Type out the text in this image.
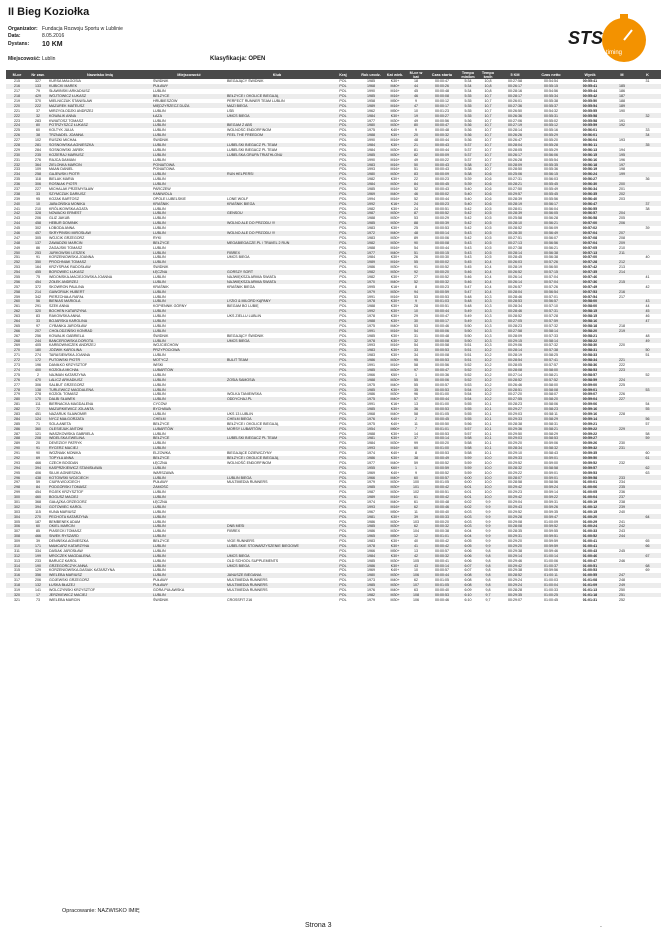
II Bieg Koziołka
Organizator: Fundacja Rozwoju Sportu w Lublinie
Data:	8.05.2016
Dystans:	10 KM
Miejscowość: Lublin	Klasyfikacja: OPEN
STS
timing
M-ce	Nr zaw.	Nazwisko Imię	Miejscowość	Klub	Kraj	Rok urodz.	Kat wiek.	M-ce w kat	Czas startu	Tempo min/km	Tempo km/h	5 KM	Czas netto	Wynik	M	K
215	327	KURSA MAŁGOSIA	ŚWIDNIK	BIEGAJĄCY ŚWIDNIK	POL	1985	K30+	18	00:00:47	5:34	10,8	00:27:58	00:54:54	00:55:41		31
216	133	KUBICKI MAREK	PUŁAWY		POL	1968	M40+	44	00:00:26	5:34	10,8	00:26:17	00:55:15	00:55:41	185	
217	79	SŁAWIŃSKI ARKADIUSZ	LUBLIN		POL	1990	M16+	45	00:00:48	5:34	10,8	00:28:16	00:54:56	00:55:44	186	
218	429	WÓJTOWICZ ŁUKASZ	BEŁŻYCE	BEŁŻYCE i OKOLICE BIEGAJĄ	POL	1985	M16+	46	00:00:08	5:35	10,7	00:28:17	00:55:34	00:55:42	187	
219	370	MIELNICZUK STANISŁAW	HRUBIESZÓW	PERFECT RUNNER TEAM LUBLIN	POL	1958	M50+	9	00:00:12	5:35	10,7	00:26:01	00:55:38	00:55:50	188	
220	222	MAZUREK MATEUSZ	MIĘDZYRZECZ DUŻA	MAZI BIEGA	POL	1989	M16+	47	00:00:17	5:35	10,7	00:27:36	00:55:37	00:55:54	189	
221	37	MIRZYGŁODZKI ANDRZEJ	LUBLIN	LSB	POL	1962	M50+	10	00:01:23	5:35	10,7	00:26:50	00:54:32	00:55:55	190	
222	32	KOWALIK ANNA	ŁAZA	UMCS BIEGA	POL	1984	K30+	19	00:00:27	5:35	10,7	00:26:36	00:55:31	00:55:58		32
223	283	KWIATOSZ TOMASZ	LUBLIN		POL	1977	M30+	49	00:00:56	5:36	10,7	00:27:06	00:55:02	00:55:58	191	
224	80	POTRZYSZCZ ŁUKASZ	LUBLIN	BIEGAM Z ABS	POL	1980	M30+	80	00:00:47	5:36	10,7	00:27:19	00:55:12	00:55:59	192	
225	60	KOLTYK JULIA	LUBLIN	WOLNOŚĆ ENDORFINOM	POL	1975	K40+	9	00:00:48	5:36	10,7	00:28:14	00:55:16	00:56:01		33
226	38	TRZNADEL JOANNA	LUBLIN	FEEL THE FREEDOM	POL	1988	K30+	20	00:00:32	5:36	10,7	00:26:26	00:55:29	00:56:01		34
227	102	RUSZKI MICHAŁ	ŚWIDNIK		POL	1990	M16+	48	00:00:44	5:36	10,7	00:26:47	00:55:20	00:56:04	193	
228	281	SOSNOWSKA AGNIESZKA	LUBLIN	LUBELSKI BIEGACZ PL TEAM	POL	1984	K30+	21	00:00:43	5:37	10,7	00:28:04	00:55:28	00:56:11		35
229	284	SOSNOWSKI JAREK	LUBLIN	LUBELSKI BIEGACZ PL TEAM	POL	1984	M30+	81	00:00:44	5:37	10,7	00:28:05	00:55:29	00:56:13	194	
230	235	KOZIERAJ MARIUSZ	LUBLIN	LUBELSKA GRUPA TRIATHLONU	POL	1985	M30+	82	00:00:09	5:37	10,7	00:26:17	00:56:06	00:56:15	195	
231	276	RAJCA DAMIAN	LUBLIN		POL	1990	M16+	49	00:00:22	5:37	10,7	00:26:28	00:55:54	00:56:16	196	
232	364	ZIELONKA MARCIN	PONIATOWA		POL	1983	M16+	50	00:00:43	5:38	10,7	00:28:09	00:55:35	00:56:18	197	
233	109	MAAN DANIEL	PONIATOWA		POL	1993	M16+	51	00:00:43	5:38	10,7	00:28:50	00:55:36	00:56:19	198	
234	258	GAJEWSKI PIOTR	LUBLIN	RUN HELPERS!	POL	1980	M30+	83	00:00:09	5:38	10,6	00:25:06	00:56:15	00:56:24	199	
235	118	BIELAK MARIA	LUBLIN		POL	1982	K30+	22	00:00:23	5:39	10,6	00:27:31	00:56:03	00:56:27		36
236	306	ROŚNIAK PIOTR	LUBLIN		POL	1984	M30+	84	00:00:45	5:39	10,6	00:28:21	00:55:45	00:56:30	200	
237	227	MICHALAK PRZEMYSŁAW	PARCZEW		POL	1985	M16+	52	00:00:43	5:40	10,6	00:27:50	00:55:49	00:56:34	201	
238	33	SZYMCZUK DARIUSZ	KANIWOLA		POL	1969	M40+	46	00:00:02	5:40	10,6	00:29:57	00:55:45	00:56:35	202	
239	95	KOZAK BARTOSZ	OPOLE LUBELSKIE	LONE WOLF	POL	1994	M16+	52	00:00:44	5:40	10,6	00:28:39	00:55:56	00:56:40	203	
240	10	JABŁOŃSKA MONIKA	KRAŚNIK	KRAŚNIK BIEGA	POL	1992	K16+	24	00:00:23	5:40	10,6	00:28:19	00:56:17	00:56:47		37
241	210	KRÓLIKOWSKA AGATA	LUBLIN		POL	1982	K30+	24	00:00:51	5:42	10,5	00:28:01	00:56:04	00:56:55		38
242	328	NOWACKI ERNEST	LUBLIN	GENSOU	POL	1987	M30+	87	00:00:52	5:42	10,5	00:28:39	00:56:05	00:56:57	204	
243	206	GLIZ JAKUB	LUBLIN		POL	1988	M30+	53	00:00:29	5:42	10,5	00:25:58	00:56:28	00:56:58	205	
244	458	HEBUR DOMINIK	LUBLIN	WOLNO ALE DO PRZODU !!!	POL	1985	M30+	88	00:00:39	5:42	10,5	00:28:10	00:56:21	00:57:00	206	
245	302	ŁOBODA ANNA	LUBLIN		POL	1983	K30+	25	00:00:53	5:42	10,5	00:28:52	00:56:09	00:57:02		39
246	457	SKRYPIŃSKI MIROSŁAW	LUBLIN	WOLNO ALE DO PRZODU !!!	POL	1972	M40+	48	00:00:14	5:43	10,5	00:28:30	00:56:49	00:57:04	207	
247	305	WÓJCIK GRZEGORZ	RYKI		POL	1983	M30+	89	00:00:06	5:42	10,5	00:27:51	00:56:07	00:57:08	208	
248	137	ZAWADZKI MARCIN	BEŁŻYCE	MEGABIEGACZE.PL / TRAVEL 2 RUN	POL	1982	M30+	90	00:00:08	5:43	10,5	00:27:13	00:56:56	00:57:04	209	
249	86	ZAGAJSKI TOMASZ	LUBLIN		POL	1988	M16+	54	00:00:44	5:43	10,5	00:27:38	00:56:21	00:57:05	210	
250	253	JURKOWSKI LESZEK	LUBLIN	FIBREX	POL	1977	M40+	51	00:00:15	5:43	10,5	00:28:14	00:56:38	00:57:13	211	
251	91	KORZENIOWSKA JOANNA	LUBLIN	UMCS BIEGA	POL	1984	K30+	26	00:00:30	5:43	10,5	00:28:45	00:56:38	00:57:00		40
252	350	PRÓCHNIAK TOMASZ	LUBLIN		POL	1989	M16+	55	00:00:02	5:45	10,4	00:26:03	00:57:26	00:57:28	212	
253	164	KRZYSPIAK RADOSŁAW	ŚWIDNIK		POL	1986	M30+	91	00:00:52	5:45	10,4	00:28:19	00:56:50	00:57:42	213	
254	455	BOROWIEC ŁUKASZ	ŁĘCZNA	GORSZY SORT	POL	1982	M30+	92	00:00:20	5:46	10,4	00:26:52	00:57:15	00:57:35	214	
255	75	WIDOMSKA-MACIEJOWSKA JOANNA	LUBLIN	NAJWIĘKSZA ARMIA ŚWIATA	POL	1982	K30+	27	00:00:52	5:46	10,4	00:26:14	00:57:04	00:57:46		41
256	454	ŻÓŁEK ANDRZEJ	LUBLIN	NAJWIĘKSZA ARMIA ŚWIATA	POL	1970	M40+	52	00:00:32	5:46	10,4	00:26:14	00:57:04	00:57:36	215	
257	372	SKOWRON PAULINA	KRAŚNIK	KRAŚNIK BIEGA	POL	1995	K16+	8	00:00:23	5:47	10,4	00:26:57	00:57:26	00:57:49		42
258	214	GAWORIUK HUBERT	LUBLIN		POL	1979	M30+	94	00:00:59	5:47	10,4	00:28:04	00:56:54	00:57:53	216	
259	342	PIERZCHAŁA RAFAŁ	LUBLIN		POL	1991	M16+	53	00:00:53	5:48	10,3	00:28:46	00:57:01	00:57:54	217	
260	56	BIENIAS MARIOLA	LUBLIN	LYZIO & MILORD KĄPANY	POL	1978	K30+	9	00:01:03	5:48	10,3	00:28:53	00:56:57	00:58:00		43
261	291	SZEK ANNA	KOPIENNIK GÓRNY	BIEGAM BO LUBIĘ	POL	1988	K30+	28	00:00:51	5:48	10,3	00:28:34	00:57:10	00:58:00		44
262	320	BOCHEN KATARZYNA	LUBLIN		POL	1992	K30+	10	00:00:44	5:49	10,3	00:28:46	00:57:31	00:58:15		45
263	83	RAKOWSKA ANNA	LUBLIN	UKS ZIELLU LUBLIN	POL	1978	K30+	29	00:00:47	5:49	10,3	00:28:52	00:57:28	00:58:15		46
264	33	BOJARSKA KAROLINA	LUBLIN		POL	1988	K30+	30	00:00:17	5:49	10,3	00:27:05	00:57:59	00:58:16		47
265	97	CYBANKA JAROSŁAW	LUBLIN		POL	1975	M40+	53	00:00:46	5:50	10,3	00:28:23	00:57:32	00:58:18	218	
266	207	CHOŁODZIŃSKI KONRAD	LUBLIN		POL	1991	M16+	54	00:00:06	5:50	10,3	00:27:58	00:58:14	00:58:20	219	
267	256	KOWALIK GABRIELA	ŚWIDNIK	BIEGAJĄCY ŚWIDNIK	POL	1985	K30+	31	00:00:48	5:50	10,3	00:28:09	00:57:33	00:58:21		48
268	244	BANCEROWSKA DOROTA	LUBLIN	UMCS BIEGA	POL	1978	K30+	32	00:00:08	5:50	10,3	00:29:15	00:58:14	00:58:22		49
269	405	KARBOWNICZEK ANDRZEJ	WOJCIECHÓW		POL	1993	M16+	54	00:00:58	5:51	10,3	00:29:06	00:57:32	00:58:30	220	
270	180	JÓŹWIK KAROLINA	PRZYPOCIOWA		POL	1983	K30+	33	00:00:53	5:51	10,2	00:28:14	00:57:38	00:58:31		50
271	274	TARASIEWSKA JOANNA	LUBLIN		POL	1983	K30+	34	00:00:08	5:51	10,2	00:28:19	00:58:25	00:58:33		51
272	172	PUTOWSKI PIOTR	MOTYCZ	BULIT TEAM	POL	1986	M30+	95	00:00:53	5:51	10,2	00:28:54	00:57:41	00:58:34	221	
273	196	DANIŁKO KRZYSZTOF	WISKI		POL	1991	M16+	58	00:00:56	5:52	10,2	00:28:05	00:57:57	00:58:36	222	
274	400	KOZIOŁA MICHAŁ	LUBARTÓW		POL	1985	M30+	97	00:00:47	5:52	10,2	00:28:08	00:58:00	00:58:53	223	
275	2	NAJMAN KATARZYNA	LUBLIN		POL	1966	K50+	1	00:00:36	5:52	10,2	00:27:14	00:58:21	00:58:57		52
276	470	LALICZ ARKADIUSZ	LUBLIN	ZOSIA SAMOSIA	POL	1988	M30+	55	00:00:06	5:52	10,2	00:28:52	00:57:52	00:58:59	224	
277	306	SALBUT GRZEGORZ	LUBLIN		POL	1975	M40+	55	00:00:57	5:53	10,2	00:26:46	00:58:00	00:59:00	225	
278	138	TURLEWICZ MAGDALENA	LUBLIN		POL	1985	K30+	35	00:00:53	5:54	10,2	00:28:51	00:58:08	00:59:01		53
279	278	KOZIOŁ TOMASZ	LUBLIN	WÓLKA TANIEWSKA	POL	1986	M30+	96	00:01:00	5:54	10,2	00:27:20	00:58:07	00:59:07	226	
280	170	DALBI SŁAWEK	LUBLIN	ODDYCHAJ.PL	POL	1975	M40+	57	00:00:44	5:54	10,2	00:27:55	00:58:20	00:59:04	227	
281	111	BIERNACKA MAGDALENA	CYCÓW		POL	1991	K16+	13	00:01:00	5:55	10,1	00:28:23	00:58:06	00:59:06		54
282	72	MAZURKIEWICZ JOLANTA	BYCHAWA		POL	1985	K30+	36	00:00:53	5:55	10,1	00:29:27	00:58:23	00:59:16		55
283	451	NAZARUK SŁAWOMIR	LUBLIN	UKS 13 LUBLIN	POL	1968	M40+	58	00:01:05	5:55	10,1	00:29:03	00:58:11	00:59:16	228	
284	124	NYCZ MAŁGORZATA	CHEŁM	CHEŁM BIEGA	POL	1976	K40+	2	00:00:45	5:55	10,1	00:29:33	00:58:29	00:59:14		56
285	71	SOLA ANETA	BEŁŻYCE	BEŁŻYCE i OKOLICE BIEGAJĄ	POL	1975	K40+	11	00:00:50	5:56	10,1	00:28:38	00:58:31	00:59:21		57
286	360	OLESIEJUK ANTONI	LUBARTÓW	MORSY LUBARTÓW	POL	1954	M60+	7	00:01:01	5:57	10,1	00:29:36	00:58:21	00:59:22	229	
287	121	WASZKOWSKA GABRIELA	LUBLIN		POL	1988	K30+	14	00:00:53	5:57	10,1	00:29:50	00:58:29	00:59:22		58
288	208	WIDELSKA EWELINA	BEŁŻYCE	LUBELSKI BIEGACZ PL TEAM	POL	1981	K30+	37	00:00:14	5:58	10,1	00:29:03	00:58:53	00:59:27		59
289	20	DEVEZIOY PATRYK	LUBLIN		POL	1984	M30+	99	00:00:20	5:58	10,1	00:29:20	00:59:06	00:59:26	230	
290	91	RYCERZ MACIEJ	LUBLIN		POL	1993	M16+	60	00:01:00	5:58	10,1	00:28:34	00:58:32	00:59:32	231	
291	90	WOŹNIAK MONIKA	ELŻOWKA	BIEGAJĄCE DZIEWCZYNY	POL	1974	K40+	8	00:00:53	5:58	10,1	00:29:10	00:58:43	00:59:35		60
292	69	TOPYŁA ANNA	BEŁŻYCE	BEŁŻYCE i OKOLICE BIEGAJĄ	POL	1986	K30+	38	00:00:49	5:59	10,0	00:29:33	00:59:01	00:59:50		61
293	466	CZECH BOGDAN	ŁĘCZNA	WOLNOŚĆ ENDORFINOM	POL	1977	M40+	59	00:00:52	5:59	10,0	00:29:52	00:59:00	00:59:52	232	
294	394	KASPRZKIEWICZ STANISŁAWA	LUBLIN		POL	1955	K60+	1	00:00:59	5:59	10,0	00:28:32	00:58:58	00:59:57		62
295	406	SILUK AGNIESZKA	WARSZAWA		POL	1969	K40+	9	00:00:52	5:59	10,0	00:29:22	00:59:01	00:59:53		63
296	438	KOTOWSKI WOJCIECH	LUBLIN	LUBLIN BIEGA	POL	1966	M40+	60	00:00:57	6:00	10,0	00:28:07	00:59:01	00:59:58	233	
297	59	CIUPA WOJCIECH	PUŁAWY	MULTIMEDIA RUNNERS	POL	1979	M30+	100	00:01:05	6:00	10,0	00:28:58	00:58:56	01:00:01	234	
298	84	PODGÓRSKI TOMASZ	ZAMOŚĆ		POL	1985	M30+	101	00:00:42	6:01	10,0	00:29:42	00:59:24	01:00:06	235	
299	454	ROJEK KRZYSZTOF	LUBLIN		POL	1987	M30+	102	00:00:51	6:01	10,0	00:29:23	00:59:14	01:00:05	236	
300	460	BOGUSZ MACIEJ	LUBLIN		POL	1989	M16+	61	00:00:42	6:01	10,0	00:29:42	00:59:22	01:00:04	237	
301	368	GAŁĄZKA GRZEGORZ	ŁĘCZNA		POL	1974	M40+	61	00:00:48	6:02	9,9	00:29:04	00:59:31	01:00:19	238	
302	394	GOTOWIEC KAROL	LUBLIN		POL	1993	M16+	62	00:00:46	6:02	9,9	00:29:43	00:59:26	01:00:12	239	
303	115	KUNA MARIUSZ	LUBLIN		POL	1967	M50+	11	00:00:40	6:03	9,9	00:29:52	00:59:35	01:00:15	240	
304	270	PECHOTA KATARZYNA	LUBLIN		POL	1981	K30+	39	00:00:33	6:03	9,9	00:29:28	00:59:47	01:00:20		64
305	187	BEMBENEK ADAM	LUBLIN		POL	1986	M30+	103	00:00:20	6:03	9,9	00:29:08	01:00:09	01:00:29	241	
306	60	OKIEL MARCIN	LUBLIN	DNB MESI	POL	1985	M30+	62	00:00:32	6:03	9,9	00:28:08	00:59:52	01:00:24	242	
307	85	PIASECKI TOMASZ	LUBLIN	FIBREX	POL	1986	M30+	104	00:00:38	6:04	9,9	00:28:35	00:59:55	01:00:33	243	
308	466	SIWEK RYSZARD	LUBLIN		POL	1965	M50+	12	00:01:01	6:04	9,9	00:29:31	00:59:51	01:00:52	244	
309	39	DENIŃSKA AGNIESZKA	BEŁŻYCE	VIGE RUNNERS	POL	1983	K30+	40	00:00:42	6:05	9,9	00:29:20	00:59:59	01:00:41		65
310	171	MAMCARZ KATARZYNA	LUBLIN	LUBELSKIE STOWARZYSZENIE BIEGOWE	POL	1978	K30+	41	00:00:42	6:05	9,9	00:29:20	00:59:59	01:00:41		66
311	334	DASIAK JAROSŁAW	LUBLIN		POL	1966	M50+	13	00:00:57	6:06	9,8	00:29:38	00:59:46	01:00:43	245	
312	199	MROCZEK MAGDALENA	LUBLIN	UMCS BIEGA	POL	1984	K30+	42	00:00:32	6:06	9,8	00:29:14	01:00:14	01:00:46		67
313	233	BARUCZ KAROL	LUBLIN	OLD SCHOOL SUPPLEMENTS	POL	1985	M30+	105	00:00:41	6:06	9,8	00:29:46	01:00:06	01:00:47	246	
314	190	GRZEGORCZYK ANNA	LUBLIN	UMCS BIEGA	POL	1986	K30+	43	00:00:14	6:07	9,8	00:29:42	01:00:37	01:00:51		68
315	129	KORZENIOWSKA-DASIAK KATARZYNA	LUBLIN		POL	1969	K40+	10	00:00:57	6:07	9,8	00:29:38	00:59:56	01:00:53		69
316	356	WIELEBA MARIUSZ	LUBLIN	JANUSZE BIEGANIA	POL	1980	M30+	106	00:00:44	6:08	9,8	00:28:52	01:00:11	01:00:55	247	
317	206	GOJEWSKI GRZEGORZ	PUŁAWY	MULTIMEDIA RUNNERS	POL	1973	M40+	62	00:01:05	6:08	9,8	00:29:24	01:00:03	01:01:08	248	
318	132	ŁUSKA BŁAŻEJ	PUŁAWY	MULTIMEDIA RUNNERS	POL	1985	M30+	107	00:01:05	6:08	9,8	00:29:24	01:00:04	01:01:09	249	
319	141	WOLCZYŃSKI KRZYSZTOF	GÓRA PUŁAWSKA	MULTIMEDIA RUNNERS	POL	1976	M40+	63	00:00:40	6:09	9,8	00:28:28	01:00:33	01:01:13	250	
320	17	JERZKIEWICZ MACIEJ	LUBLIN		POL	1982	M30+	108	00:00:53	6:10	9,7	00:29:35	01:00:25	01:01:18	251	
321	73	WIELEBA MARCIN	ŚWIDNIK	CROSSFIT 216	POL	1979	M30+	106	00:00:46	6:10	9,7	00:29:07	01:00:45	01:01:31	252	
Opracowanie: NAZWISKO IMIĘ
Strona 3	.
